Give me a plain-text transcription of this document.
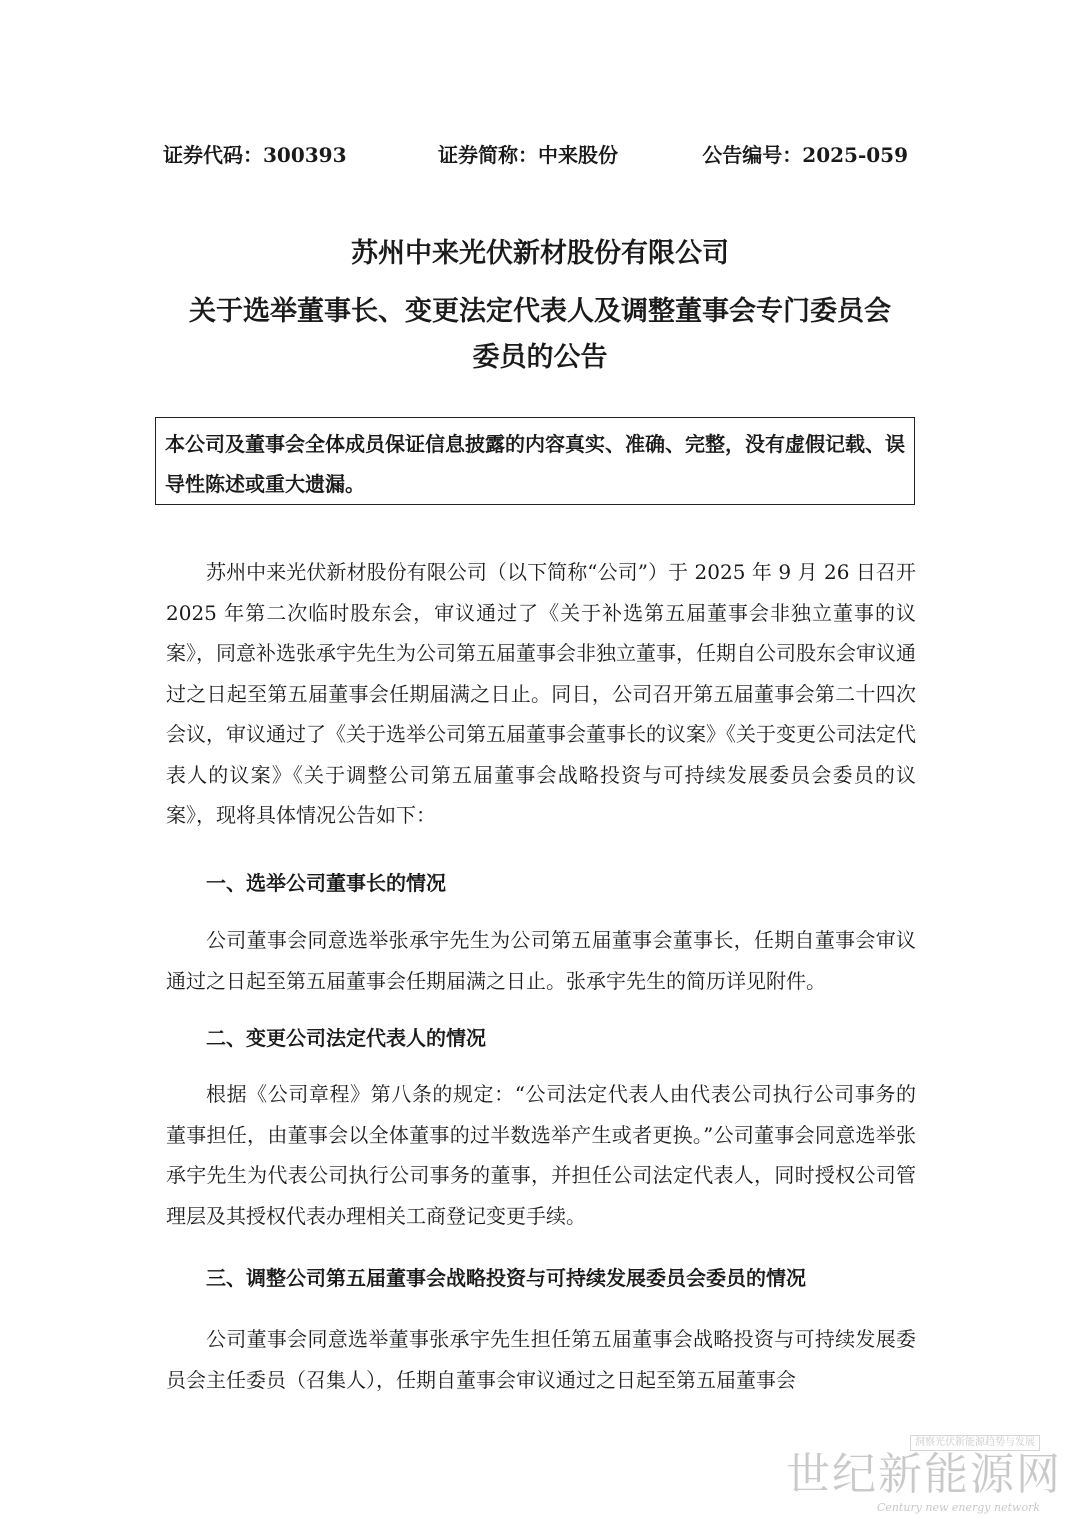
证券代码：300393	证券简称：中来股份	公告编号：2025-059
苏州中来光伏新材股份有限公司
关于选举董事长、变更法定代表人及调整董事会专门委员会
委员的公告
本公司及董事会全体成员保证信息披露的内容真实、准确、完整，没有虚假记载、误导性陈述或重大遗漏。

苏州中来光伏新材股份有限公司（以下简称“公司”）于 2025 年 9 月 26 日召开 2025 年第二次临时股东会，审议通过了《关于补选第五届董事会非独立董事的议案》，同意补选张承宇先生为公司第五届董事会非独立董事，任期自公司股东会审议通过之日起至第五届董事会任期届满之日止。同日，公司召开第五届董事会第二十四次会议，审议通过了《关于选举公司第五届董事会董事长的议案》《关于变更公司法定代表人的议案》《关于调整公司第五届董事会战略投资与可持续发展委员会委员的议案》，现将具体情况公告如下：

一、选举公司董事长的情况

公司董事会同意选举张承宇先生为公司第五届董事会董事长，任期自董事会审议通过之日起至第五届董事会任期届满之日止。张承宇先生的简历详见附件。

二、变更公司法定代表人的情况

根据《公司章程》第八条的规定：“公司法定代表人由代表公司执行公司事务的董事担任，由董事会以全体董事的过半数选举产生或者更换。”公司董事会同意选举张承宇先生为代表公司执行公司事务的董事，并担任公司法定代表人，同时授权公司管理层及其授权代表办理相关工商登记变更手续。

三、调整公司第五届董事会战略投资与可持续发展委员会委员的情况

公司董事会同意选举董事张承宇先生担任第五届董事会战略投资与可持续发展委员会主任委员（召集人），任期自董事会审议通过之日起至第五届董事会

洞察光伏新能源趋势与发展
世纪新能源网
Century new energy network
